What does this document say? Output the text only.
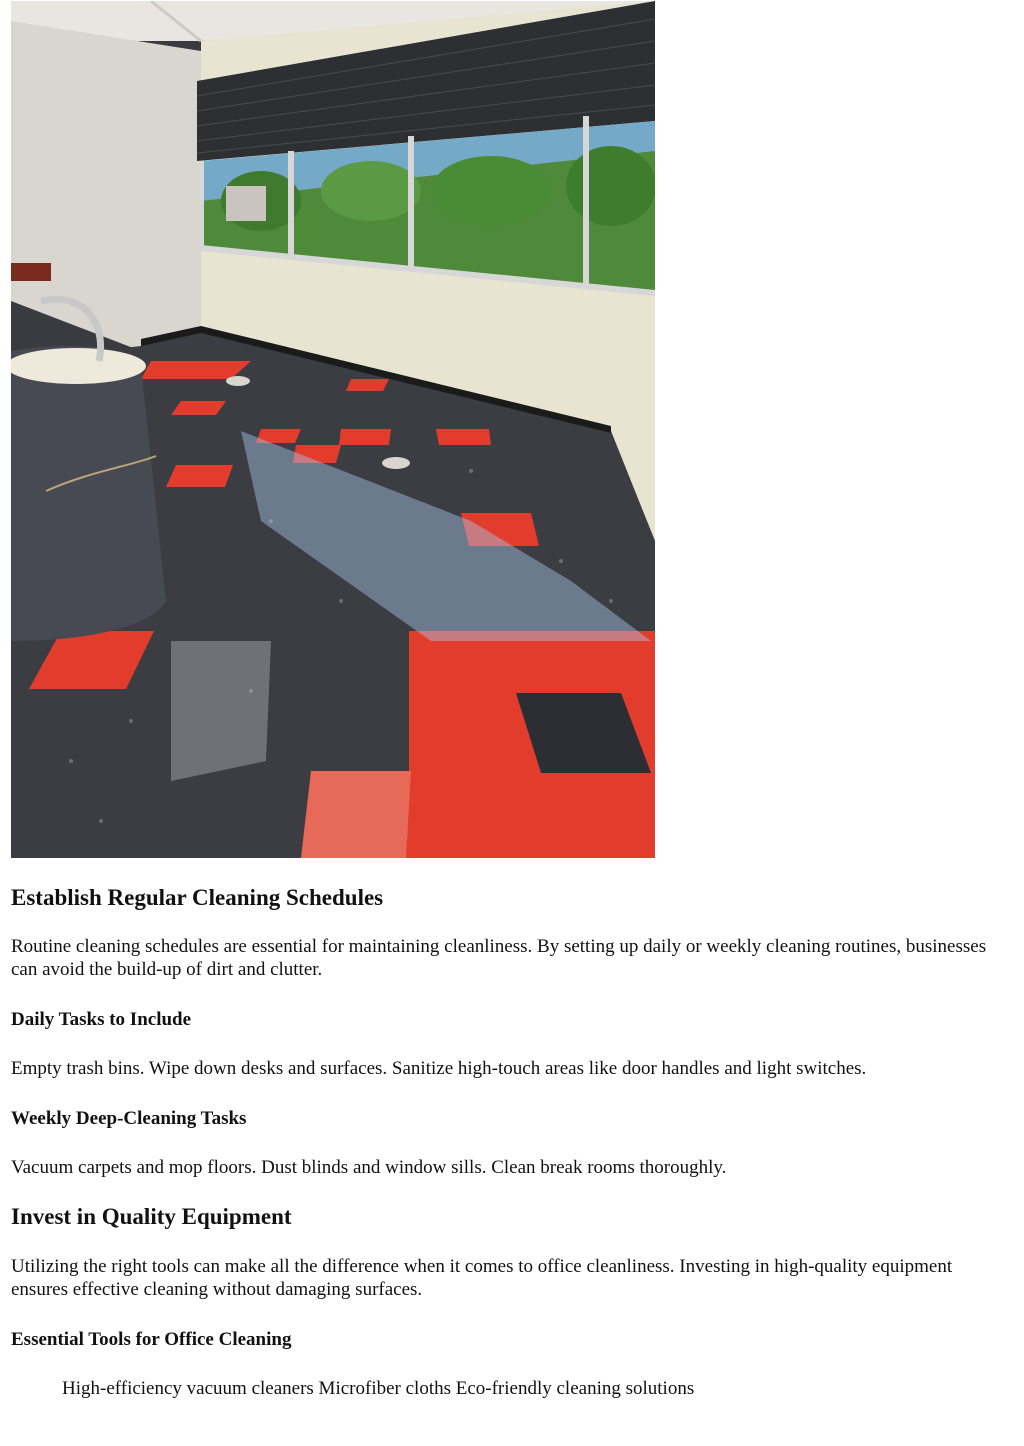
Establish Regular Cleaning Schedules

Routine cleaning schedules are essential for maintaining cleanliness. By setting up daily or weekly cleaning routines, businesses can avoid the build-up of dirt and clutter.

Daily Tasks to Include

Empty trash bins. Wipe down desks and surfaces. Sanitize high-touch areas like door handles and light switches.

Weekly Deep-Cleaning Tasks

Vacuum carpets and mop floors. Dust blinds and window sills. Clean break rooms thoroughly.

Invest in Quality Equipment

Utilizing the right tools can make all the difference when it comes to office cleanliness. Investing in high-quality equipment ensures effective cleaning without damaging surfaces.

Essential Tools for Office Cleaning

High-efficiency vacuum cleaners Microfiber cloths Eco-friendly cleaning solutions
